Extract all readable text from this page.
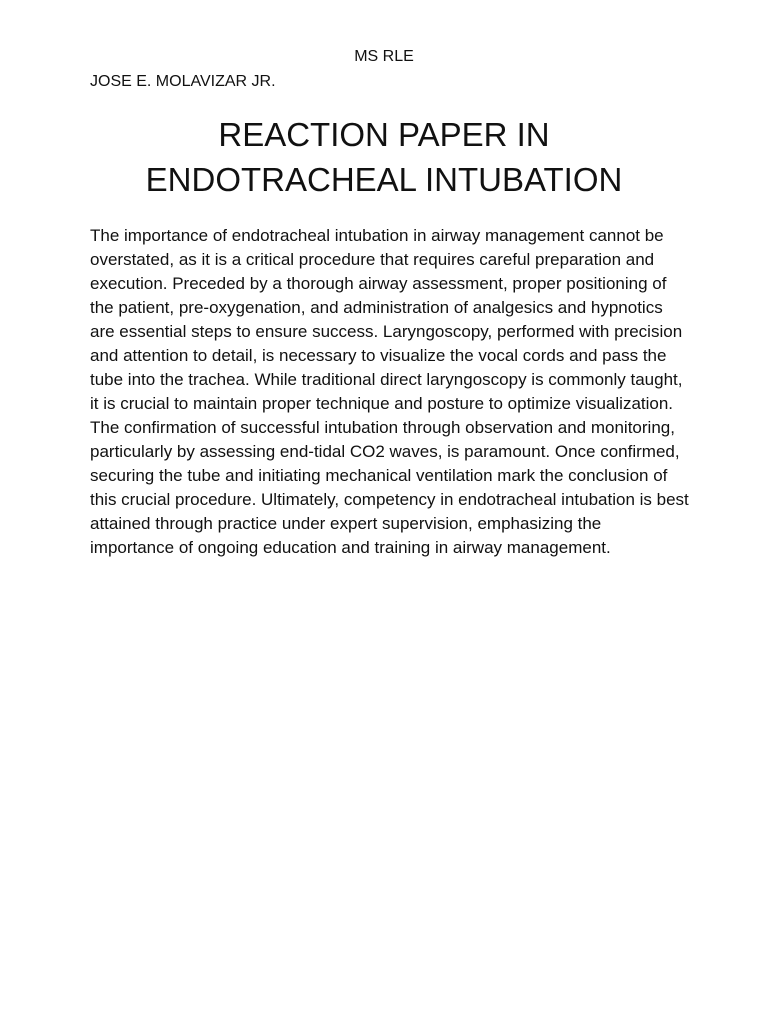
MS RLE

JOSE E. MOLAVIZAR JR.

REACTION PAPER IN
ENDOTRACHEAL INTUBATION

The importance of endotracheal intubation in airway management cannot be overstated, as it is a critical procedure that requires careful preparation and execution. Preceded by a thorough airway assessment, proper positioning of the patient, pre-oxygenation, and administration of analgesics and hypnotics are essential steps to ensure success. Laryngoscopy, performed with precision and attention to detail, is necessary to visualize the vocal cords and pass the tube into the trachea. While traditional direct laryngoscopy is commonly taught, it is crucial to maintain proper technique and posture to optimize visualization. The confirmation of successful intubation through observation and monitoring, particularly by assessing end-tidal CO2 waves, is paramount. Once confirmed, securing the tube and initiating mechanical ventilation mark the conclusion of this crucial procedure. Ultimately, competency in endotracheal intubation is best attained through practice under expert supervision, emphasizing the importance of ongoing education and training in airway management.
